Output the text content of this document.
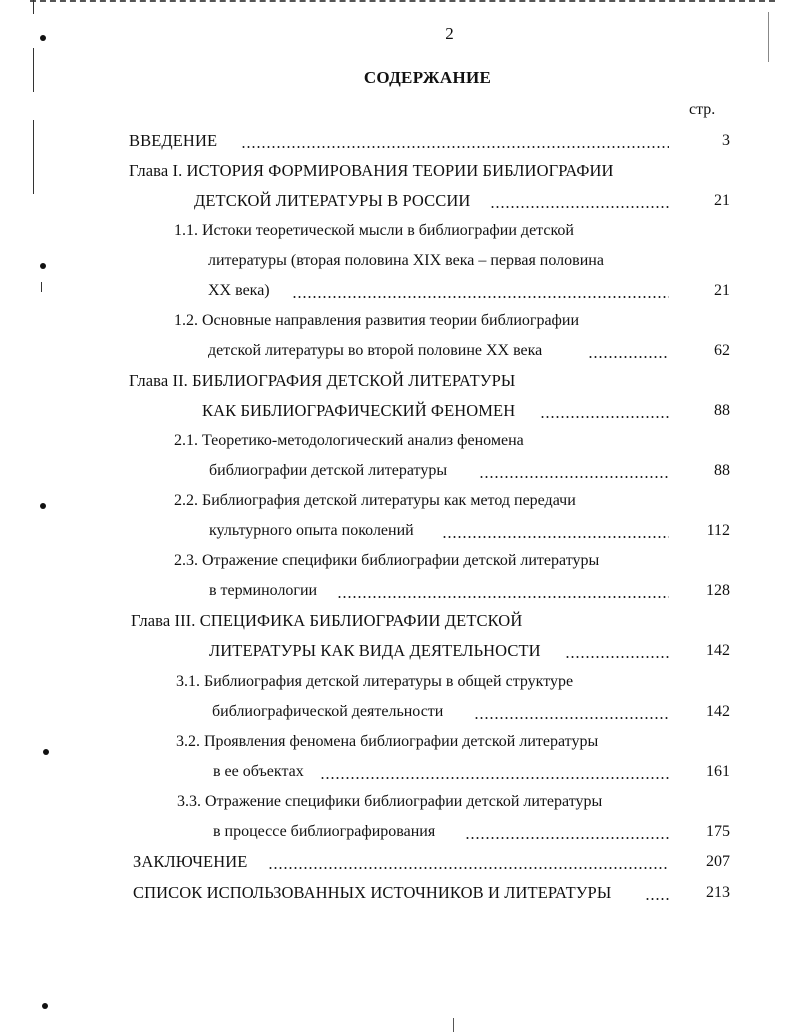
2
СОДЕРЖАНИЕ
стр.
ВВЕДЕНИЕ	3
Глава I. ИСТОРИЯ ФОРМИРОВАНИЯ ТЕОРИИ БИБЛИОГРАФИИ
ДЕТСКОЙ ЛИТЕРАТУРЫ В РОССИИ	21
1.1. Истоки теоретической мысли в библиографии детской
литературы (вторая половина XIX века – первая половина
XX века)	21
1.2. Основные направления развития теории библиографии
детской литературы во второй половине XX века	62
Глава II. БИБЛИОГРАФИЯ ДЕТСКОЙ ЛИТЕРАТУРЫ
КАК БИБЛИОГРАФИЧЕСКИЙ ФЕНОМЕН	88
2.1. Теоретико-методологический анализ феномена
библиографии детской литературы	88
2.2. Библиография детской литературы как метод передачи
культурного опыта поколений	112
2.3. Отражение специфики библиографии детской литературы
в терминологии	128
Глава III. СПЕЦИФИКА БИБЛИОГРАФИИ ДЕТСКОЙ
ЛИТЕРАТУРЫ КАК ВИДА ДЕЯТЕЛЬНОСТИ	142
3.1. Библиография детской литературы в общей структуре
библиографической деятельности	142
3.2. Проявления феномена библиографии детской литературы
в ее объектах	161
3.3. Отражение специфики библиографии детской литературы
в процессе библиографирования	175
ЗАКЛЮЧЕНИЕ	207
СПИСОК ИСПОЛЬЗОВАННЫХ ИСТОЧНИКОВ И ЛИТЕРАТУРЫ	213
